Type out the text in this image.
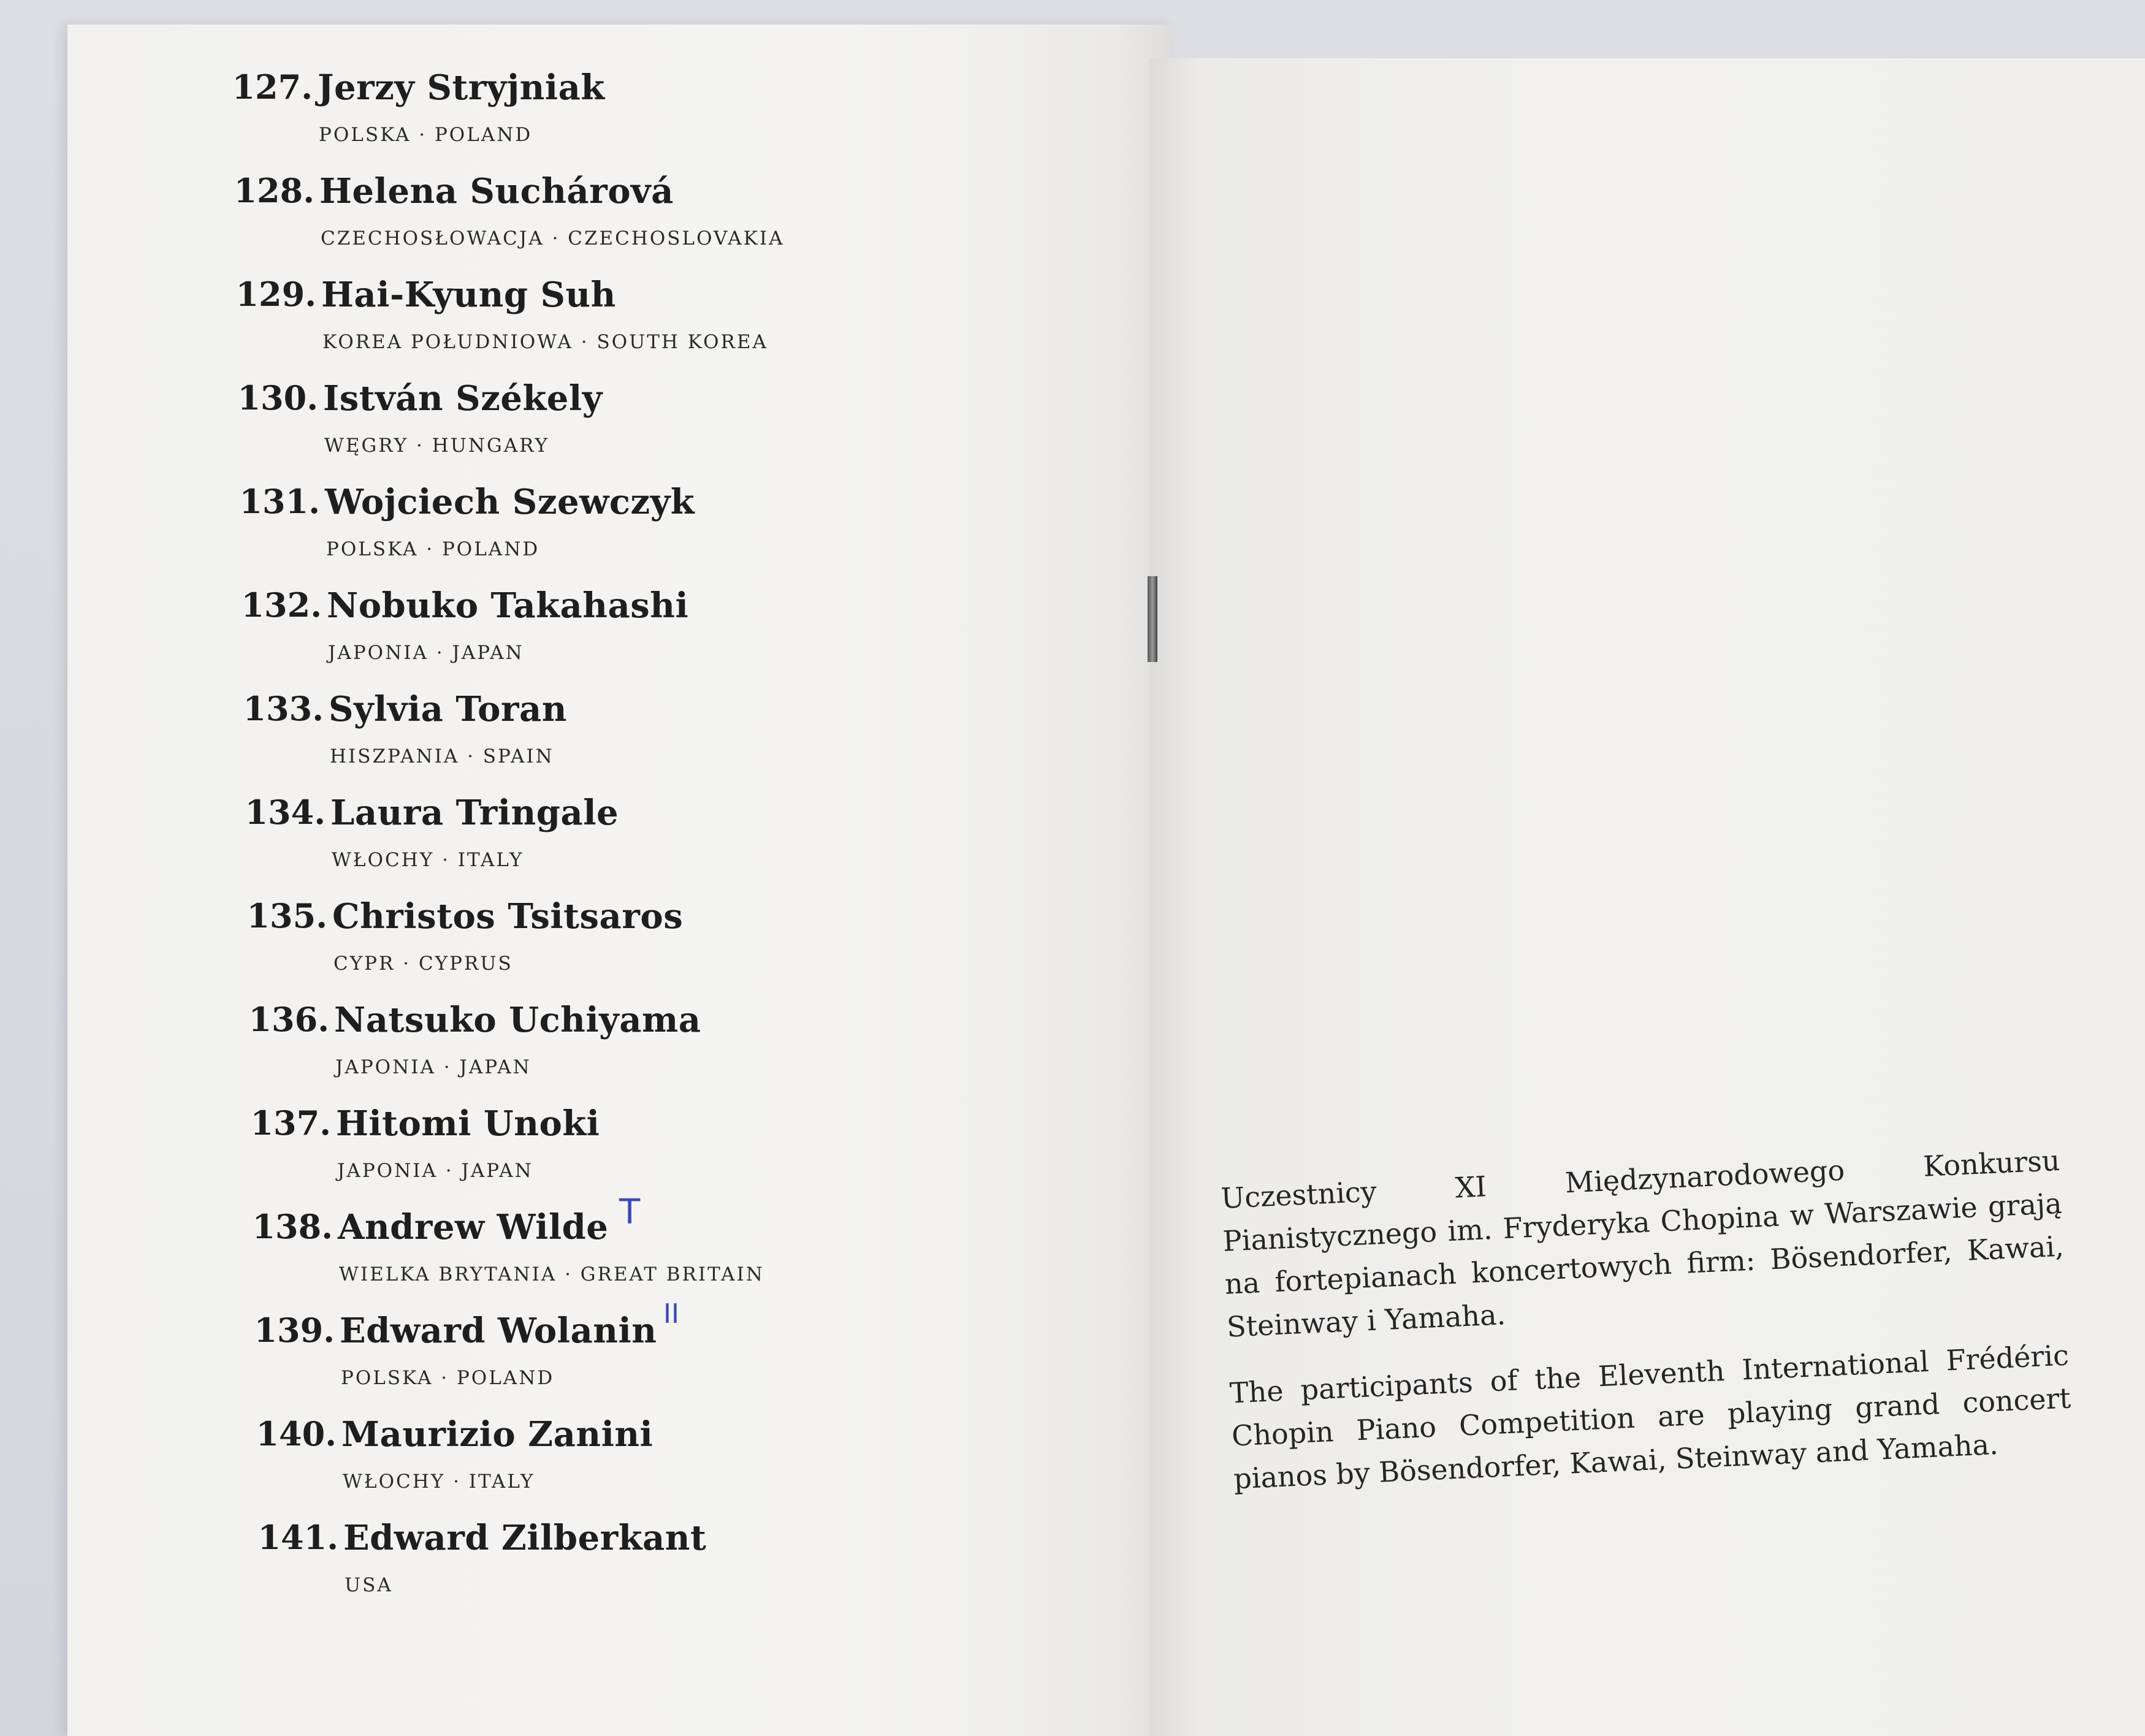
127. Jerzy Stryjniak
POLSKA · POLAND
128. Helena Suchárová
CZECHOSŁOWACJA · CZECHOSLOVAKIA
129. Hai-Kyung Suh
KOREA POŁUDNIOWA · SOUTH KOREA
130. István Székely
WĘGRY · HUNGARY
131. Wojciech Szewczyk
POLSKA · POLAND
132. Nobuko Takahashi
JAPONIA · JAPAN
133. Sylvia Toran
HISZPANIA · SPAIN
134. Laura Tringale
WŁOCHY · ITALY
135. Christos Tsitsaros
CYPR · CYPRUS
136. Natsuko Uchiyama
JAPONIA · JAPAN
137. Hitomi Unoki
JAPONIA · JAPAN
138. Andrew Wilde
WIELKA BRYTANIA · GREAT BRITAIN
139. Edward Wolanin
POLSKA · POLAND
140. Maurizio Zanini
WŁOCHY · ITALY
141. Edward Zilberkant
USA
T
II

Uczestnicy XI Międzynarodowego Konkursu Pianistycznego im. Fryderyka Chopina w Warszawie grają na fortepianach koncertowych firm: Bösendorfer, Kawai, Steinway i Yamaha.

The participants of the Eleventh International Frédéric Chopin Piano Competition are playing grand concert pianos by Bösendorfer, Kawai, Steinway and Yamaha.
